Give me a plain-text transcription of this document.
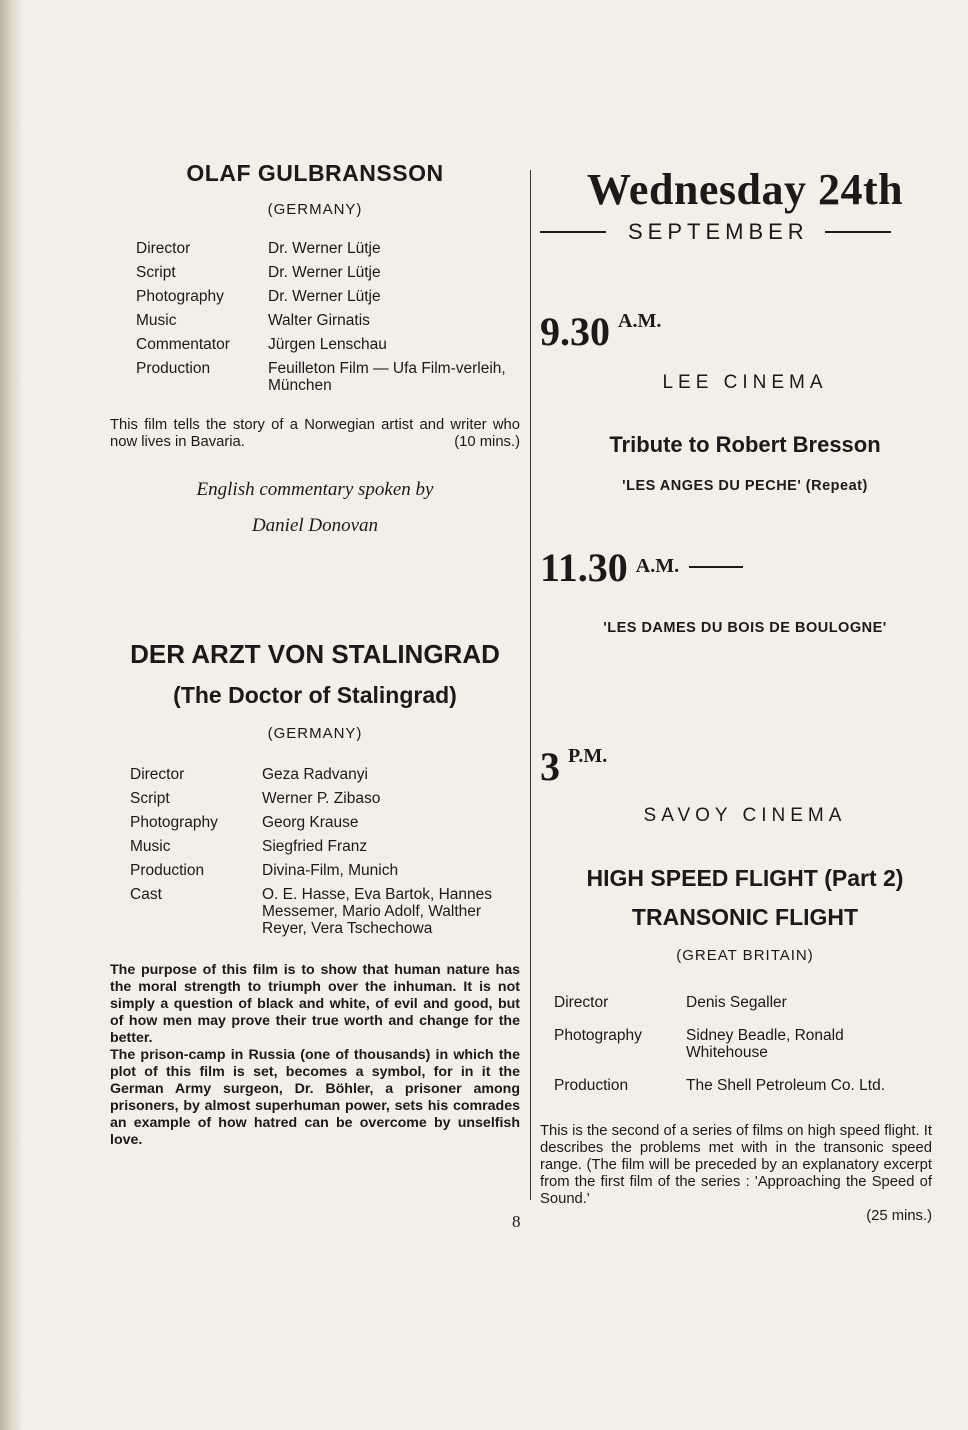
OLAF GULBRANSSON
(GERMANY)
Director	Dr. Werner Lütje
Script	Dr. Werner Lütje
Photography	Dr. Werner Lütje
Music	Walter Girnatis
Commentator	Jürgen Lenschau
Production	Feuilleton Film — Ufa Film-verleih, München

This film tells the story of a Norwegian artist and writer who now lives in Bavaria.	(10 mins.)

English commentary spoken by
Daniel Donovan
DER ARZT VON STALINGRAD
(The Doctor of Stalingrad)
(GERMANY)
Director	Geza Radvanyi
Script	Werner P. Zibaso
Photography	Georg Krause
Music	Siegfried Franz
Production	Divina-Film, Munich
Cast	O. E. Hasse, Eva Bartok, Hannes Messemer, Mario Adolf, Walther Reyer, Vera Tschechowa

The purpose of this film is to show that human nature has the moral strength to triumph over the inhuman. It is not simply a question of black and white, of evil and good, but of how men may prove their true worth and change for the better.

The prison-camp in Russia (one of thousands) in which the plot of this film is set, becomes a symbol, for in it the German Army surgeon, Dr. Böhler, a prisoner among prisoners, by almost superhuman power, sets his comrades an example of how hatred can be overcome by unselfish love.

Wednesday 24th
SEPTEMBER
9.30 $^{A.M.}$
LEE CINEMA
Tribute to Robert Bresson
'LES ANGES DU PECHE' (Repeat)
11.30 A.M.
'LES DAMES DU BOIS DE BOULOGNE'
3 $^{P.M.}$
SAVOY CINEMA
HIGH SPEED FLIGHT (Part 2)
TRANSONIC FLIGHT
(GREAT BRITAIN)
Director	Denis Segaller
Photography	Sidney Beadle, Ronald Whitehouse
Production	The Shell Petroleum Co. Ltd.

This is the second of a series of films on high speed flight. It describes the problems met with in the transonic speed range. (The film will be preceded by an explanatory excerpt from the first film of the series : 'Approaching the Speed of Sound.'

(25 mins.)
8
